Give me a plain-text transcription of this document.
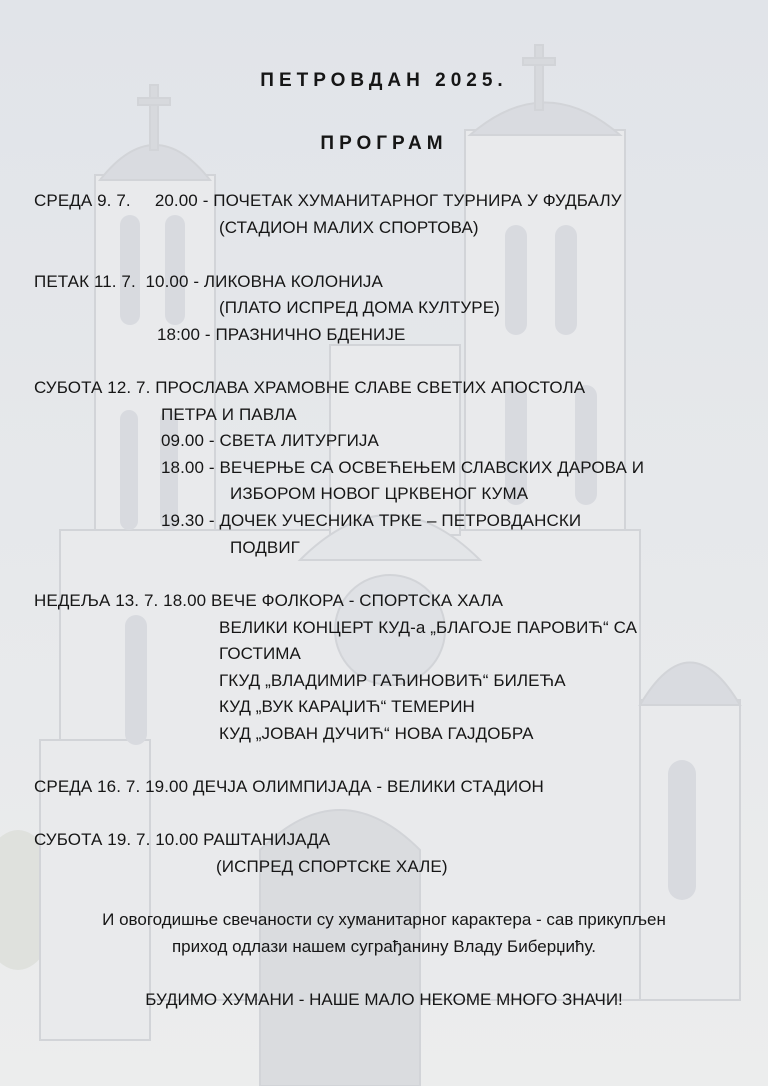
ПЕТРОВДАН 2025.
ПРОГРАМ
СРЕДА 9. 7.     20.00 - ПОЧЕТАК ХУМАНИТАРНОГ ТУРНИРА У ФУДБАЛУ
(СТАДИОН МАЛИХ СПОРТОВА)
ПЕТАК 11. 7.  10.00 - ЛИКОВНА КОЛОНИЈА
(ПЛАТО ИСПРЕД ДОМА КУЛТУРЕ)
18:00 - ПРАЗНИЧНО БДЕНИЈЕ
СУБОТА 12. 7. ПРОСЛАВА ХРАМОВНЕ СЛАВЕ СВЕТИХ АПОСТОЛА
ПЕТРА И ПАВЛА
09.00 - СВЕТА ЛИТУРГИЈА
18.00 - ВЕЧЕРЊЕ СА ОСВЕЋЕЊЕМ СЛАВСКИХ ДАРОВА И
ИЗБОРОМ НОВОГ ЦРКВЕНОГ КУМА
19.30 - ДОЧЕК УЧЕСНИКА ТРКЕ – ПЕТРОВДАНСКИ
ПОДВИГ
НЕДЕЉА 13. 7. 18.00 ВЕЧЕ ФОЛКОРА - СПОРТСКА ХАЛА
ВЕЛИКИ КОНЦЕРТ КУД-а „БЛАГОЈЕ ПАРОВИЋ“ СА
ГОСТИМА
ГКУД „ВЛАДИМИР ГАЋИНОВИЋ“ БИЛЕЋА
КУД „ВУК КАРАЏИЋ“ ТЕМЕРИН
КУД „ЈОВАН ДУЧИЋ“ НОВА ГАЈДОБРА
СРЕДА 16. 7. 19.00 ДЕЧЈА ОЛИМПИЈАДА - ВЕЛИКИ СТАДИОН
СУБОТА 19. 7. 10.00 РАШТАНИЈАДА
(ИСПРЕД СПОРТСКЕ ХАЛЕ)
И овогодишње свечаности су хуманитарног карактера - сав прикупљен
приход одлази нашем суграђанину Владу Биберџићу.
БУДИМО ХУМАНИ - НАШЕ МАЛО НЕКОМЕ МНОГО ЗНАЧИ!
